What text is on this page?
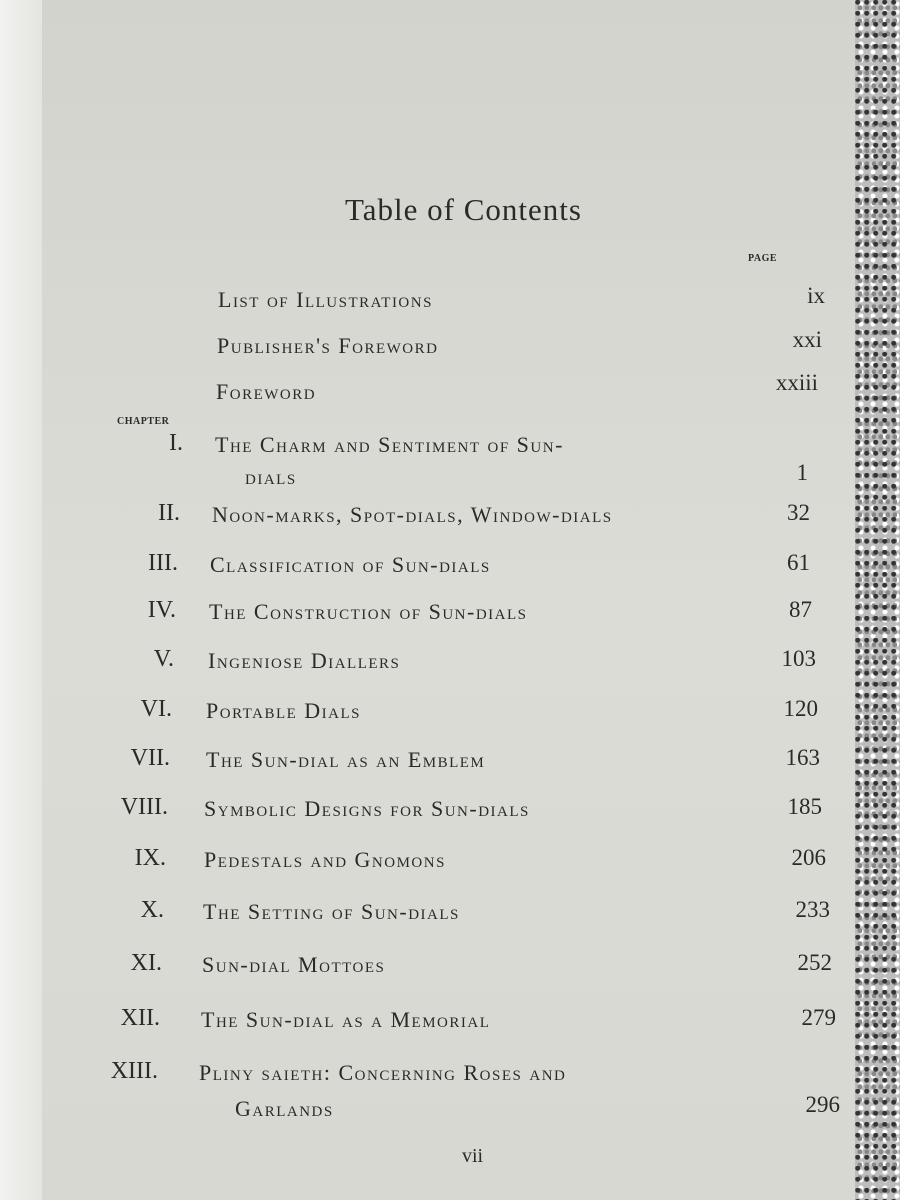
Table of Contents
PAGE
List of Illustrations	ix
Publisher's Foreword	xxi
Foreword	xxiii
CHAPTER
I. The Charm and Sentiment of Sun-
dials	1
II. Noon-marks, Spot-dials, Window-dials	32
III. Classification of Sun-dials	61
IV. The Construction of Sun-dials	87
V. Ingeniose Diallers	103
VI. Portable Dials	120
VII. The Sun-dial as an Emblem	163
VIII. Symbolic Designs for Sun-dials	185
IX. Pedestals and Gnomons	206
X. The Setting of Sun-dials	233
XI. Sun-dial Mottoes	252
XII. The Sun-dial as a Memorial	279
XIII. Pliny saieth: Concerning Roses and
Garlands	296
vii
